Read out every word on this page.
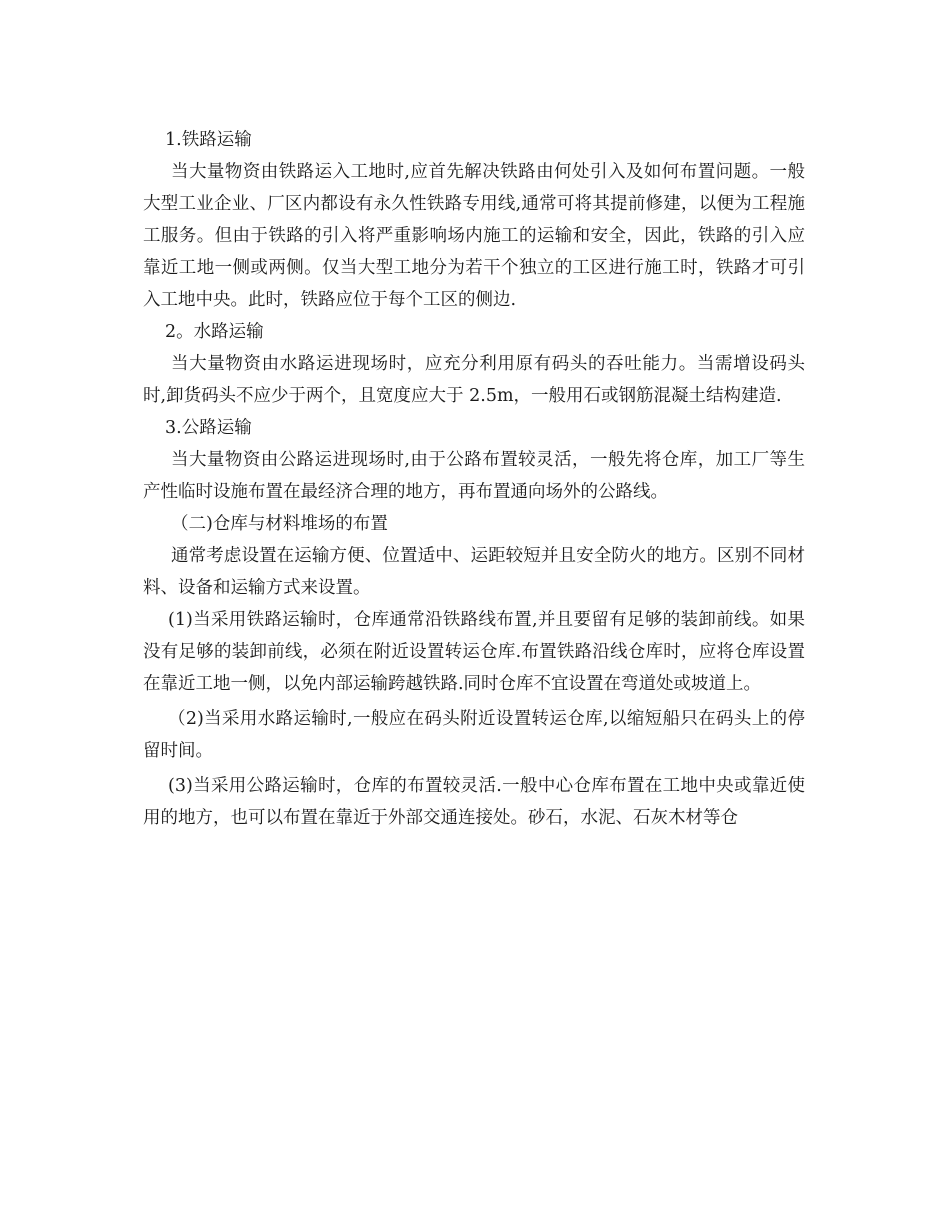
1.铁路运输

当大量物资由铁路运入工地时,应首先解决铁路由何处引入及如何布置问题。一般大型工业企业、厂区内都设有永久性铁路专用线,通常可将其提前修建，以便为工程施工服务。但由于铁路的引入将严重影响场内施工的运输和安全，因此，铁路的引入应靠近工地一侧或两侧。仅当大型工地分为若干个独立的工区进行施工时，铁路才可引入工地中央。此时，铁路应位于每个工区的侧边.

2。水路运输

当大量物资由水路运进现场时，应充分利用原有码头的吞吐能力。当需增设码头时,卸货码头不应少于两个，且宽度应大于 2.5m，一般用石或钢筋混凝土结构建造.

3.公路运输

当大量物资由公路运进现场时,由于公路布置较灵活，一般先将仓库，加工厂等生产性临时设施布置在最经济合理的地方，再布置通向场外的公路线。

（二)仓库与材料堆场的布置

通常考虑设置在运输方便、位置适中、运距较短并且安全防火的地方。区别不同材料、设备和运输方式来设置。

(1)当采用铁路运输时，仓库通常沿铁路线布置,并且要留有足够的装卸前线。如果没有足够的装卸前线，必须在附近设置转运仓库.布置铁路沿线仓库时，应将仓库设置在靠近工地一侧，以免内部运输跨越铁路.同时仓库不宜设置在弯道处或坡道上。

（2)当采用水路运输时,一般应在码头附近设置转运仓库,以缩短船只在码头上的停留时间。

(3)当采用公路运输时，仓库的布置较灵活.一般中心仓库布置在工地中央或靠近使用的地方，也可以布置在靠近于外部交通连接处。砂石，水泥、石灰木材等仓
